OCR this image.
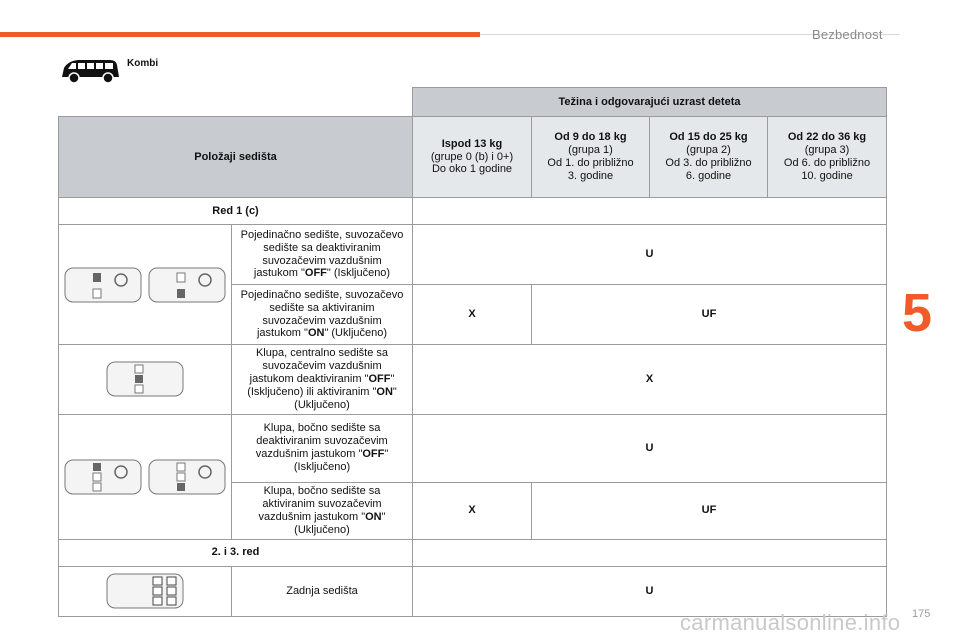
Bezbednost
5
Kombi
		Težina i odgovarajući uzrast deteta			
Položaji sedišta		Ispod 13 kg
(grupe 0 (b) i 0+)
Do oko 1 godine	Od 9 do 18 kg
(grupa 1)
Od 1. do približno
3. godine	Od 15 do 25 kg
(grupa 2)
Od 3. do približno
6. godine	Od 22 do 36 kg
(grupa 3)
Od 6. do približno
10. godine
Red 1 (c)					

	Pojedinačno sedište, suvozačevo
sedište sa deaktiviranim
suvozačevim vazdušnim
jastukom "OFF" (Isključeno)	U			
	Pojedinačno sedište, suvozačevo
sedište sa aktiviranim
suvozačevim vazdušnim
jastukom "ON" (Uključeno)	X	UF		

	Klupa, centralno sedište sa
suvozačevim vazdušnim
jastukom deaktiviranim "OFF"
(Isključeno) ili aktiviranim "ON"
(Uključeno)	X			

	Klupa, bočno sedište sa
deaktiviranim suvozačevim
vazdušnim jastukom "OFF"
(Isključeno)	U			
	Klupa, bočno sedište sa
aktiviranim suvozačevim
vazdušnim jastukom "ON"
(Uključeno)	X	UF		
2. i 3. red					

	Zadnja sedišta	U			
carmanualsonline.info 175
